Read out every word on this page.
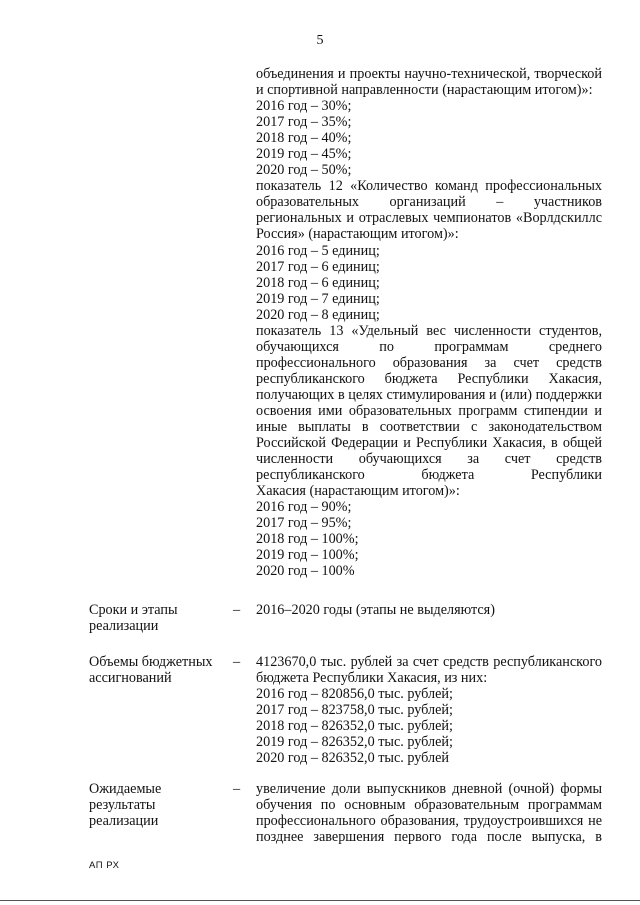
5
объединения и проекты научно-технической, творческой
и спортивной направленности (нарастающим итогом)»:
2016 год – 30%;
2017 год – 35%;
2018 год – 40%;
2019 год – 45%;
2020 год – 50%;
показатель 12 «Количество команд профессиональных
образовательных организаций – участников
региональных и отраслевых чемпионатов «Ворлдскиллс
Россия» (нарастающим итогом)»:
2016 год – 5 единиц;
2017 год – 6 единиц;
2018 год – 6 единиц;
2019 год – 7 единиц;
2020 год – 8 единиц;
показатель 13 «Удельный вес численности студентов,
обучающихся по программам среднего
профессионального образования за счет средств
республиканского бюджета Республики Хакасия,
получающих в целях стимулирования и (или) поддержки
освоения ими образовательных программ стипендии и
иные выплаты в соответствии с законодательством
Российской Федерации и Республики Хакасия, в общей
численности обучающихся за счет средств
республиканского бюджета Республики
Хакасия (нарастающим итогом)»:
2016 год – 90%;
2017 год – 95%;
2018 год – 100%;
2019 год – 100%;
2020 год – 100%
Сроки и этапы
реализации
– 2016–2020 годы (этапы не выделяются)
Объемы бюджетных
ассигнований
– 4123670,0 тыс. рублей за счет средств республиканского
бюджета Республики Хакасия, из них:
2016 год – 820856,0 тыс. рублей;
2017 год – 823758,0 тыс. рублей;
2018 год – 826352,0 тыс. рублей;
2019 год – 826352,0 тыс. рублей;
2020 год – 826352,0 тыс. рублей
Ожидаемые
результаты
реализации
– увеличение доли выпускников дневной (очной) формы
обучения по основным образовательным программам
профессионального образования, трудоустроившихся не
позднее завершения первого года после выпуска, в
АП РХ
